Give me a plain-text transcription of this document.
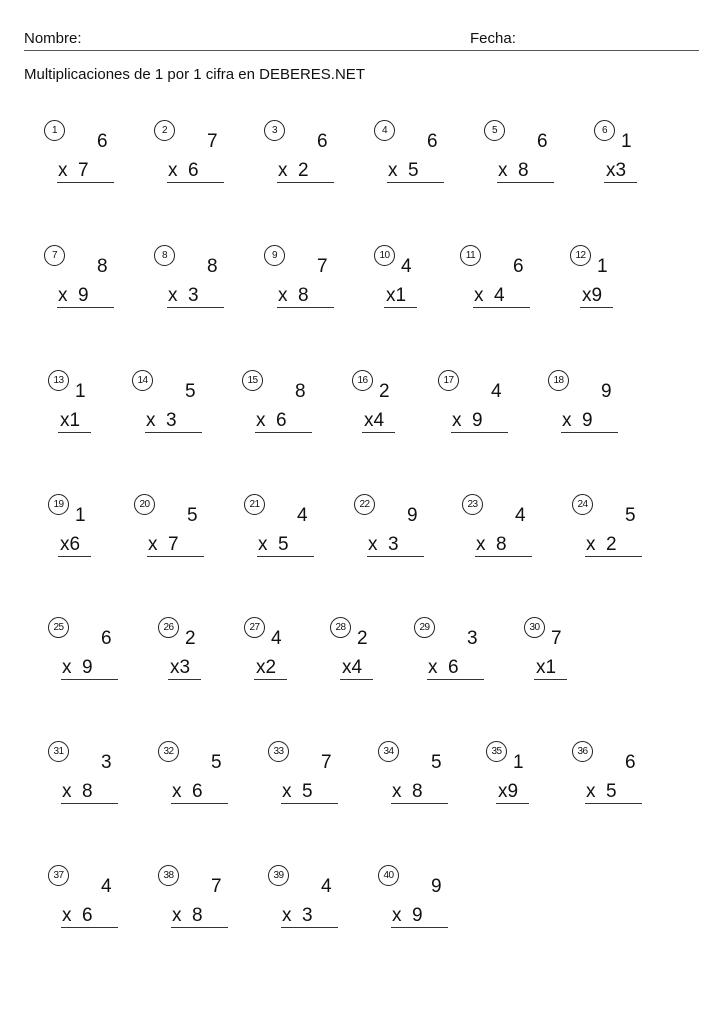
Nombre:	Fecha:
Multiplicaciones de 1 por 1 cifra en DEBERES.NET
1
6
x  7
2
7
x  6
3
6
x  2
4
6
x  5
5
6
x  8
6
1
x3
7
8
x  9
8
8
x  3
9
7
x  8
10
4
x1
11
6
x  4
12
1
x9
13
1
x1
14
5
x  3
15
8
x  6
16
2
x4
17
4
x  9
18
9
x  9
19
1
x6
20
5
x  7
21
4
x  5
22
9
x  3
23
4
x  8
24
5
x  2
25
6
x  9
26
2
x3
27
4
x2
28
2
x4
29
3
x  6
30
7
x1
31
3
x  8
32
5
x  6
33
7
x  5
34
5
x  8
35
1
x9
36
6
x  5
37
4
x  6
38
7
x  8
39
4
x  3
40
9
x  9
